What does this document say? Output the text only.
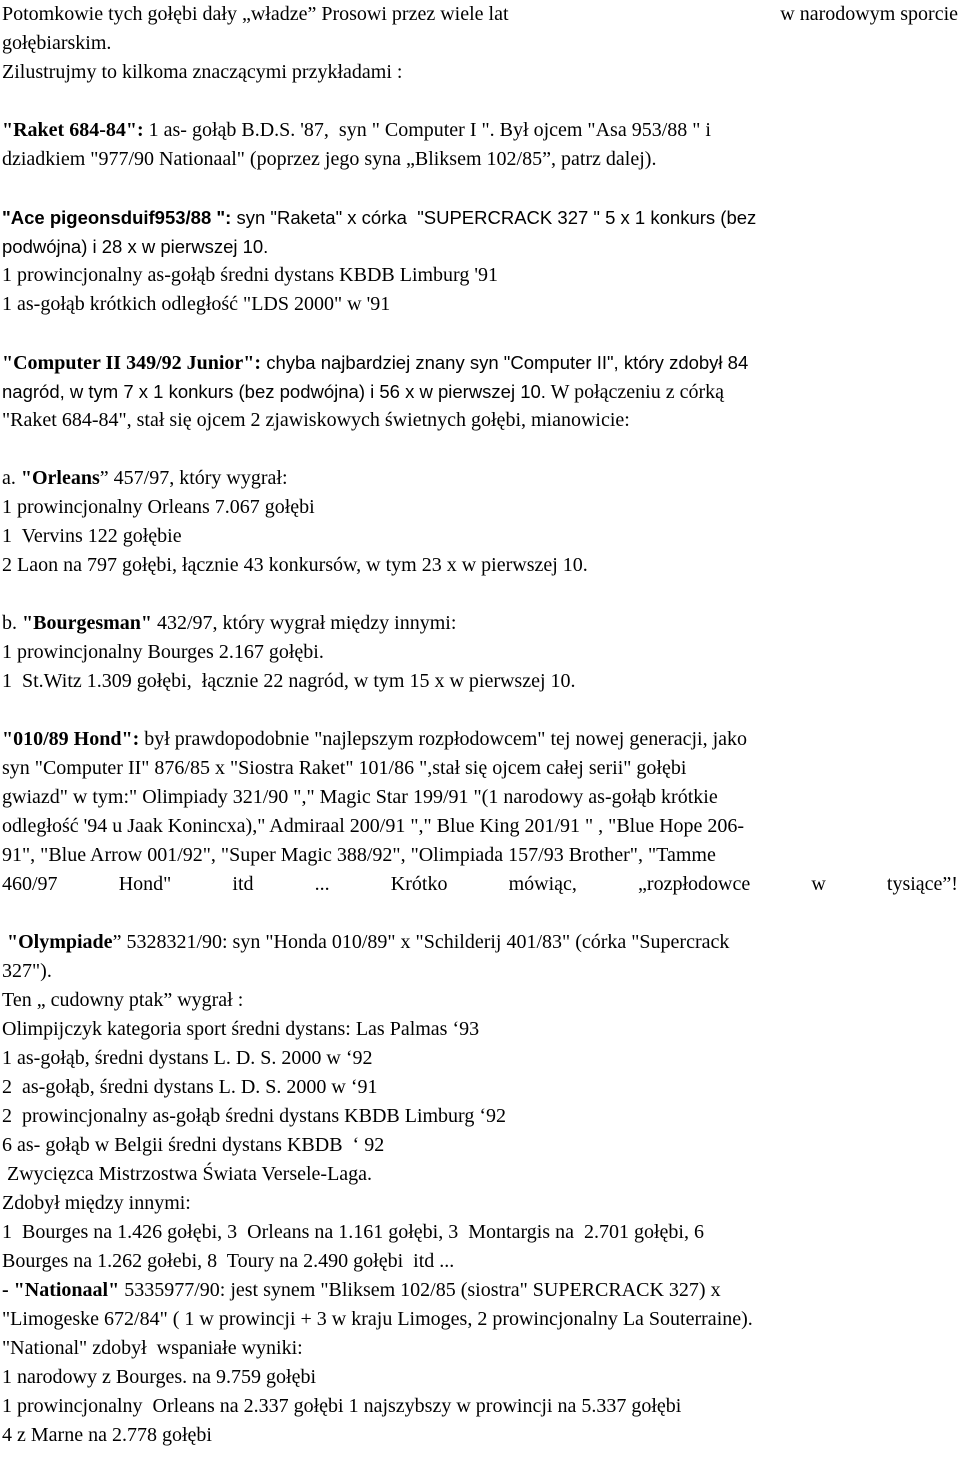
Potomkowie tych gołębi dały „władze” Prosowi przez wiele lat	w narodowym sporcie
gołębiarskim.
Zilustrujmy to kilkoma znaczącymi przykładami :
"Raket 684-84": 1 as- gołąb B.D.S. '87,  syn " Computer I ". Był ojcem "Asa 953/88 " i
dziadkiem "977/90 Nationaal" (poprzez jego syna „Bliksem 102/85”, patrz dalej).
"Ace pigeonsduif953/88 ": syn "Raketa" x córka  "SUPERCRACK 327 " 5 x 1 konkurs (bez
podwójna) i 28 x w pierwszej 10.
1 prowincjonalny as-gołąb średni dystans KBDB Limburg '91
1 as-gołąb krótkich odległość "LDS 2000" w '91
"Computer II 349/92 Junior": chyba najbardziej znany syn "Computer II", który zdobył 84
nagród, w tym 7 x 1 konkurs (bez podwójna) i 56 x w pierwszej 10. W połączeniu z córką
"Raket 684-84", stał się ojcem 2 zjawiskowych świetnych gołębi, mianowicie:
a. "Orleans” 457/97, który wygrał:
1 prowincjonalny Orleans 7.067 gołębi
1  Vervins 122 gołębie
2 Laon na 797 gołębi, łącznie 43 konkursów, w tym 23 x w pierwszej 10.
b. "Bourgesman" 432/97, który wygrał między innymi:
1 prowincjonalny Bourges 2.167 gołębi.
1  St.Witz 1.309 gołębi,  łącznie 22 nagród, w tym 15 x w pierwszej 10.
"010/89 Hond": był prawdopodobnie "najlepszym rozpłodowcem" tej nowej generacji, jako
syn "Computer II" 876/85 x "Siostra Raket" 101/86 ",stał się ojcem całej serii" gołębi
gwiazd" w tym:" Olimpiady 321/90 "," Magic Star 199/91 "(1 narodowy as-gołąb krótkie
odległość '94 u Jaak Konincxa)," Admiraal 200/91 "," Blue King 201/91 " , "Blue Hope 206-
91", "Blue Arrow 001/92", "Super Magic 388/92", "Olimpiada 157/93 Brother", "Tamme
460/97	Hond"	itd	...	Krótko	mówiąc,	„rozpłodowce	w	tysiące”!
"Olympiade” 5328321/90: syn "Honda 010/89" x "Schilderij 401/83" (córka "Supercrack
327").
Ten „ cudowny ptak” wygrał :
Olimpijczyk kategoria sport średni dystans: Las Palmas ‘93
1 as-gołąb, średni dystans L. D. S. 2000 w ‘92
2  as-gołąb, średni dystans L. D. S. 2000 w ‘91
2  prowincjonalny as-gołąb średni dystans KBDB Limburg ‘92
6 as- gołąb w Belgii średni dystans KBDB  ‘ 92
Zwycięzca Mistrzostwa Świata Versele-Laga.
Zdobył między innymi:
1  Bourges na 1.426 gołębi, 3  Orleans na 1.161 gołębi, 3  Montargis na  2.701 gołębi, 6
Bourges na 1.262 gołebi, 8  Toury na 2.490 gołębi  itd ...
- "Nationaal" 5335977/90: jest synem "Bliksem 102/85 (siostra" SUPERCRACK 327) x
"Limogeske 672/84" ( 1 w prowincji + 3 w kraju Limoges, 2 prowincjonalny La Souterraine).
"National" zdobył  wspaniałe wyniki:
1 narodowy z Bourges. na 9.759 gołębi
1 prowincjonalny  Orleans na 2.337 gołębi 1 najszybszy w prowincji na 5.337 gołębi
4 z Marne na 2.778 gołębi
